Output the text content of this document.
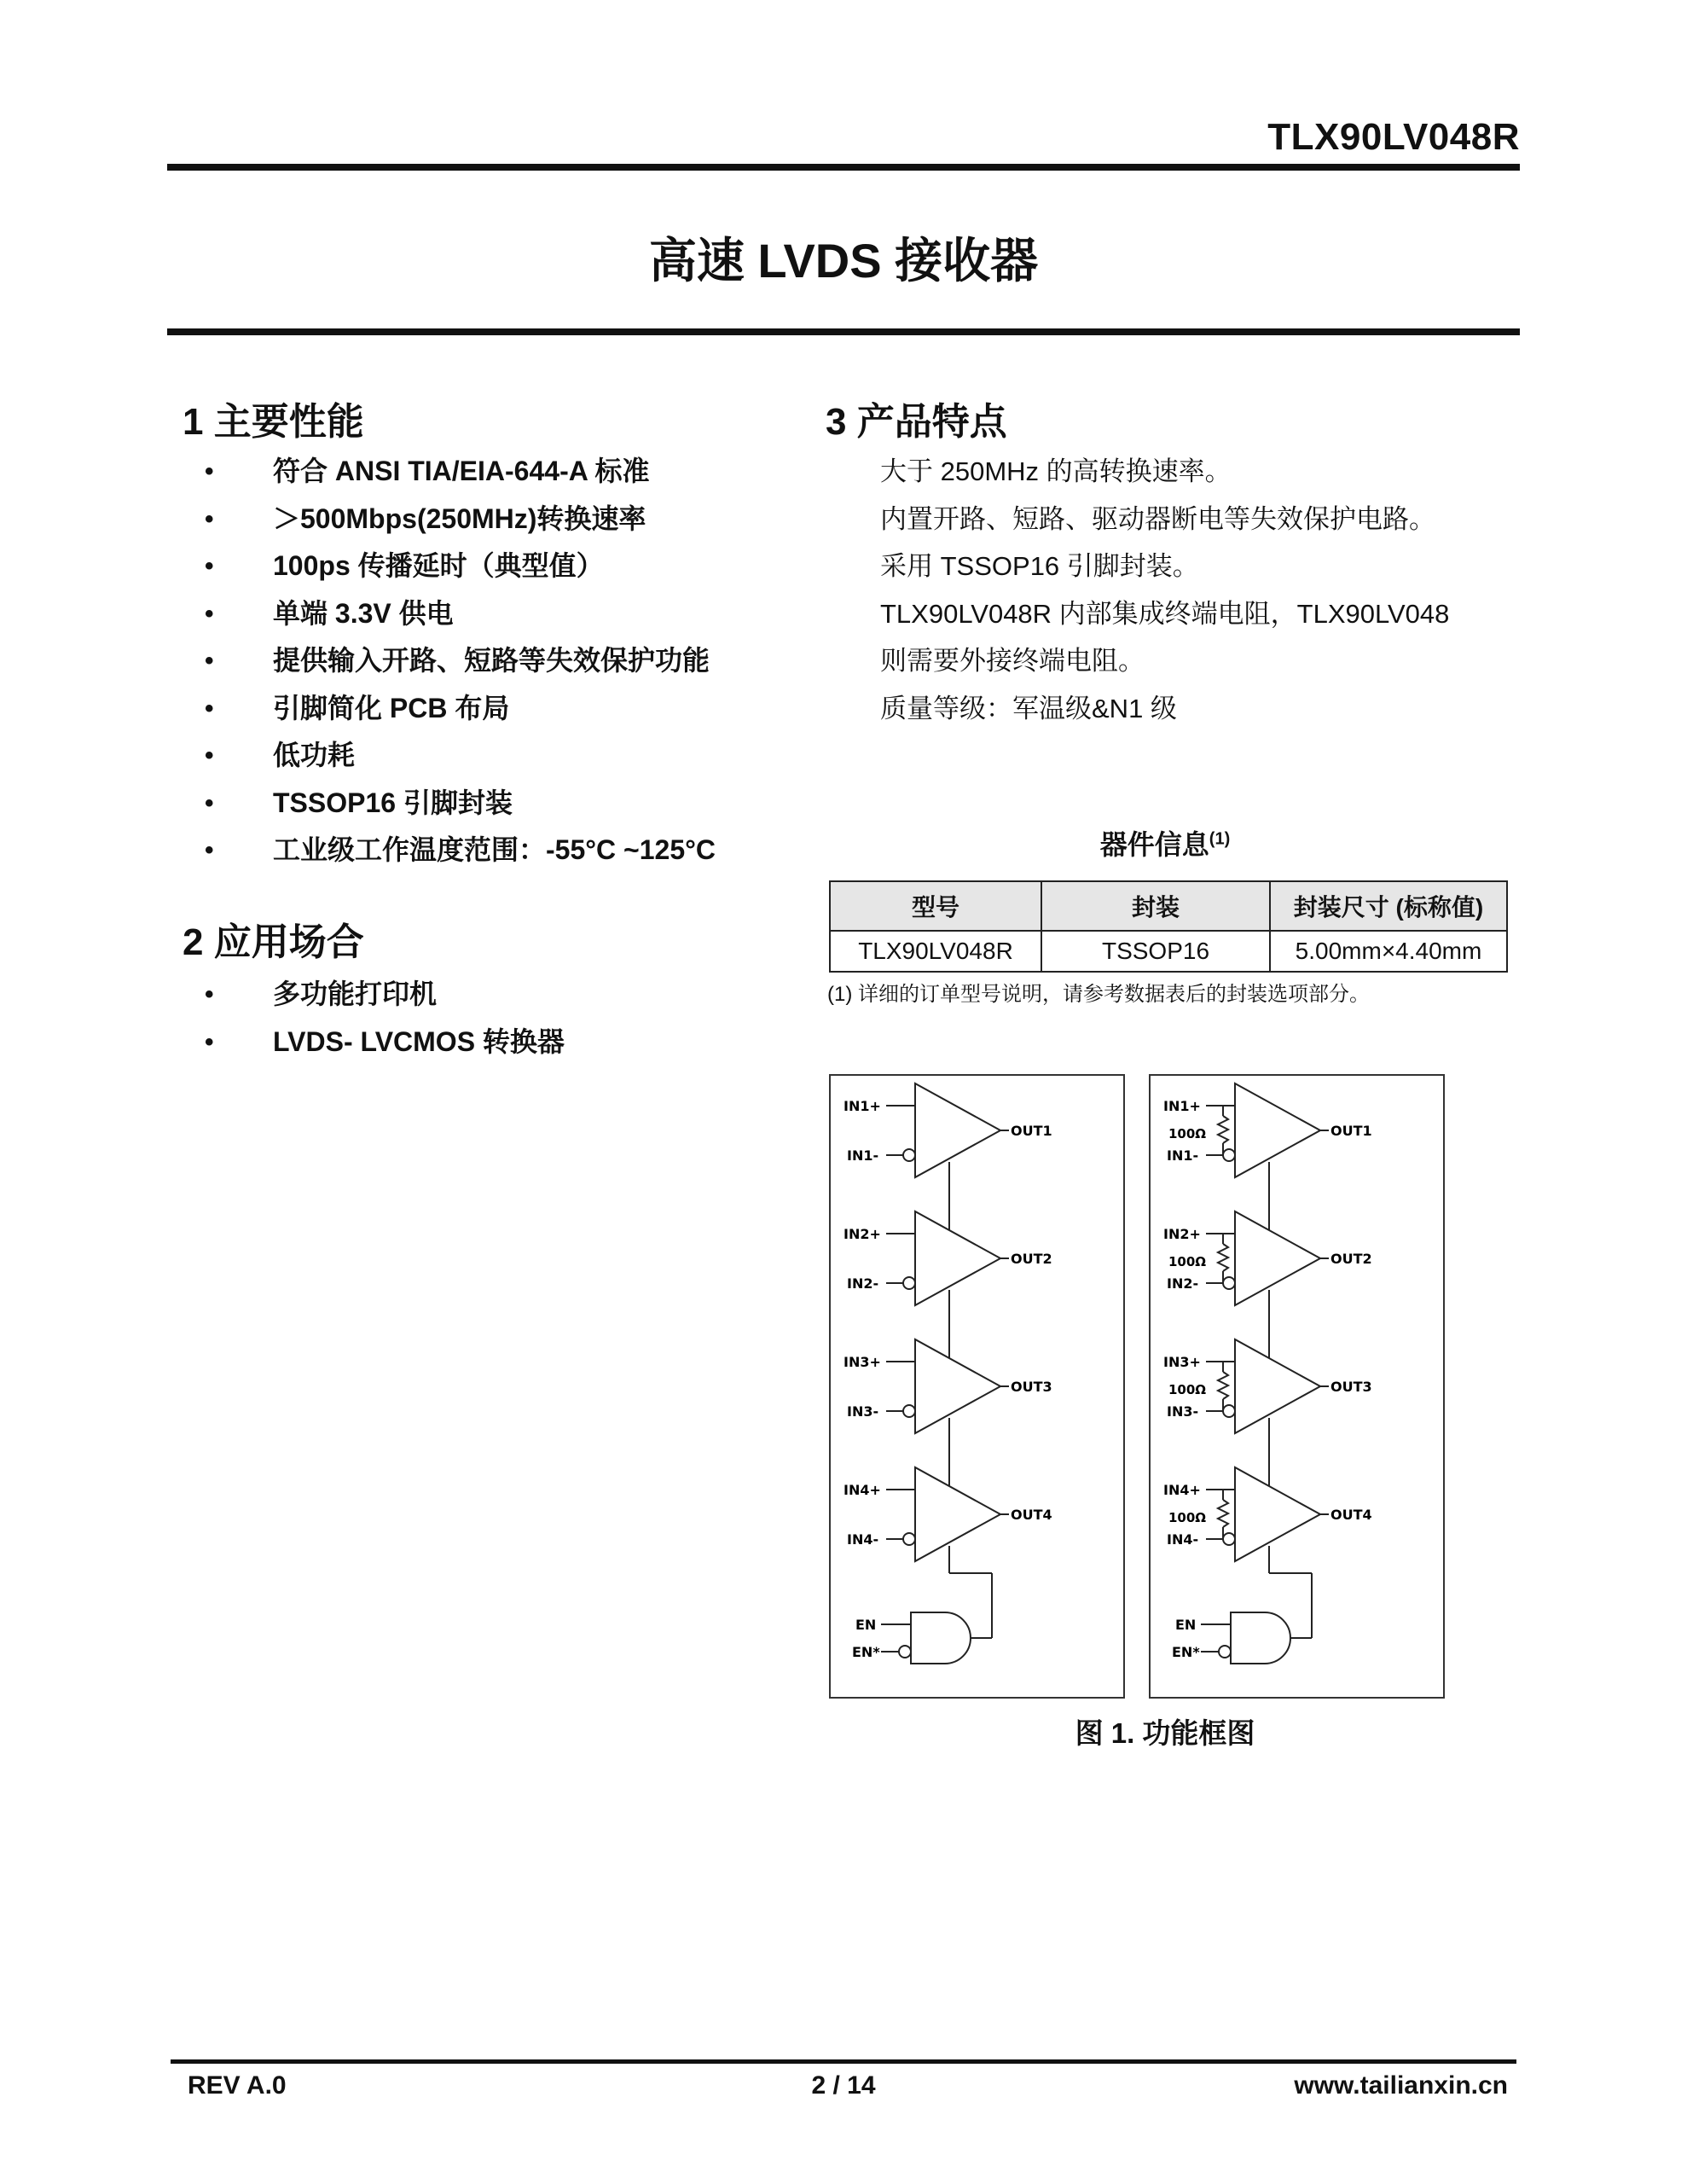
TLX90LV048R
高速 LVDS 接收器
1 主要性能
• 符合 ANSI TIA/EIA-644-A 标准
• ＞500Mbps(250MHz)转换速率
• 100ps 传播延时（典型值）
• 单端 3.3V 供电
• 提供输入开路、短路等失效保护功能
• 引脚简化 PCB 布局
• 低功耗
• TSSOP16 引脚封装
• 工业级工作温度范围：-55°C ~125°C
2 应用场合
• 多功能打印机
• LVDS- LVCMOS 转换器
3 产品特点
大于 250MHz 的高转换速率。
内置开路、短路、驱动器断电等失效保护电路。
采用 TSSOP16 引脚封装。
TLX90LV048R 内部集成终端电阻，TLX90LV048
则需要外接终端电阻。
质量等级：军温级&N1 级
器件信息$^{(1)}$
型号	封装	封装尺寸 (标称值)
TLX90LV048R	TSSOP16	5.00mm×4.40mm
(1) 详细的订单型号说明，请参考数据表后的封装选项部分。
IN1+
IN1-
OUT1
IN2+
IN2-
OUT2
IN3+
IN3-
OUT3
IN4+
IN4-
OUT4
EN
EN*
IN1+
IN1-
OUT1
100Ω
IN2+
IN2-
OUT2
100Ω
IN3+
IN3-
OUT3
100Ω
IN4+
IN4-
OUT4
100Ω
EN
EN*
图 1. 功能框图
REV A.0	2 / 14	www.tailianxin.cn
